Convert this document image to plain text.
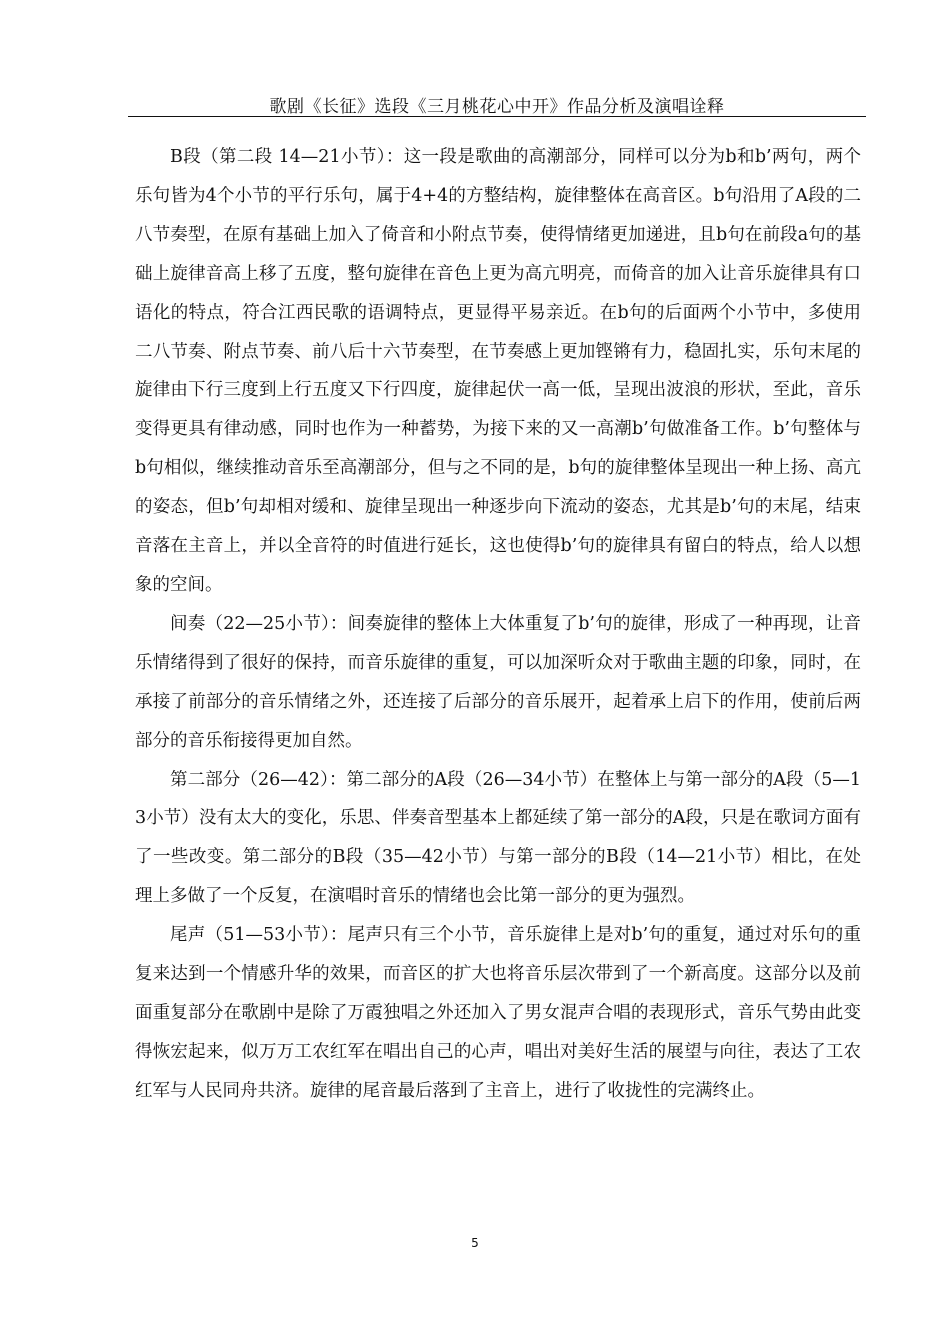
歌剧《长征》选段《三月桃花心中开》作品分析及演唱诠释

B段（第二段 14—21小节）：这一段是歌曲的高潮部分，同样可以分为b和b’两句，两个乐句皆为4个小节的平行乐句，属于4+4的方整结构，旋律整体在高音区。b句沿用了A段的二八节奏型，在原有基础上加入了倚音和小附点节奏，使得情绪更加递进，且b句在前段a句的基础上旋律音高上移了五度，整句旋律在音色上更为高亢明亮，而倚音的加入让音乐旋律具有口语化的特点，符合江西民歌的语调特点，更显得平易亲近。在b句的后面两个小节中，多使用二八节奏、附点节奏、前八后十六节奏型，在节奏感上更加铿锵有力，稳固扎实，乐句末尾的旋律由下行三度到上行五度又下行四度，旋律起伏一高一低，呈现出波浪的形状，至此，音乐变得更具有律动感，同时也作为一种蓄势，为接下来的又一高潮b’句做准备工作。b’句整体与b句相似，继续推动音乐至高潮部分，但与之不同的是，b句的旋律整体呈现出一种上扬、高亢的姿态，但b’句却相对缓和、旋律呈现出一种逐步向下流动的姿态，尤其是b’句的末尾，结束音落在主音上，并以全音符的时值进行延长，这也使得b’句的旋律具有留白的特点，给人以想象的空间。

间奏（22—25小节）：间奏旋律的整体上大体重复了b’句的旋律，形成了一种再现，让音乐情绪得到了很好的保持，而音乐旋律的重复，可以加深听众对于歌曲主题的印象，同时，在承接了前部分的音乐情绪之外，还连接了后部分的音乐展开，起着承上启下的作用，使前后两部分的音乐衔接得更加自然。

第二部分（26—42）：第二部分的A段（26—34小节）在整体上与第一部分的A段（5—13小节）没有太大的变化，乐思、伴奏音型基本上都延续了第一部分的A段，只是在歌词方面有了一些改变。第二部分的B段（35—42小节）与第一部分的B段（14—21小节）相比，在处理上多做了一个反复，在演唱时音乐的情绪也会比第一部分的更为强烈。

尾声（51—53小节）：尾声只有三个小节，音乐旋律上是对b’句的重复，通过对乐句的重复来达到一个情感升华的效果，而音区的扩大也将音乐层次带到了一个新高度。这部分以及前面重复部分在歌剧中是除了万霞独唱之外还加入了男女混声合唱的表现形式，音乐气势由此变得恢宏起来，似万万工农红军在唱出自己的心声，唱出对美好生活的展望与向往，表达了工农红军与人民同舟共济。旋律的尾音最后落到了主音上，进行了收拢性的完满终止。

5
